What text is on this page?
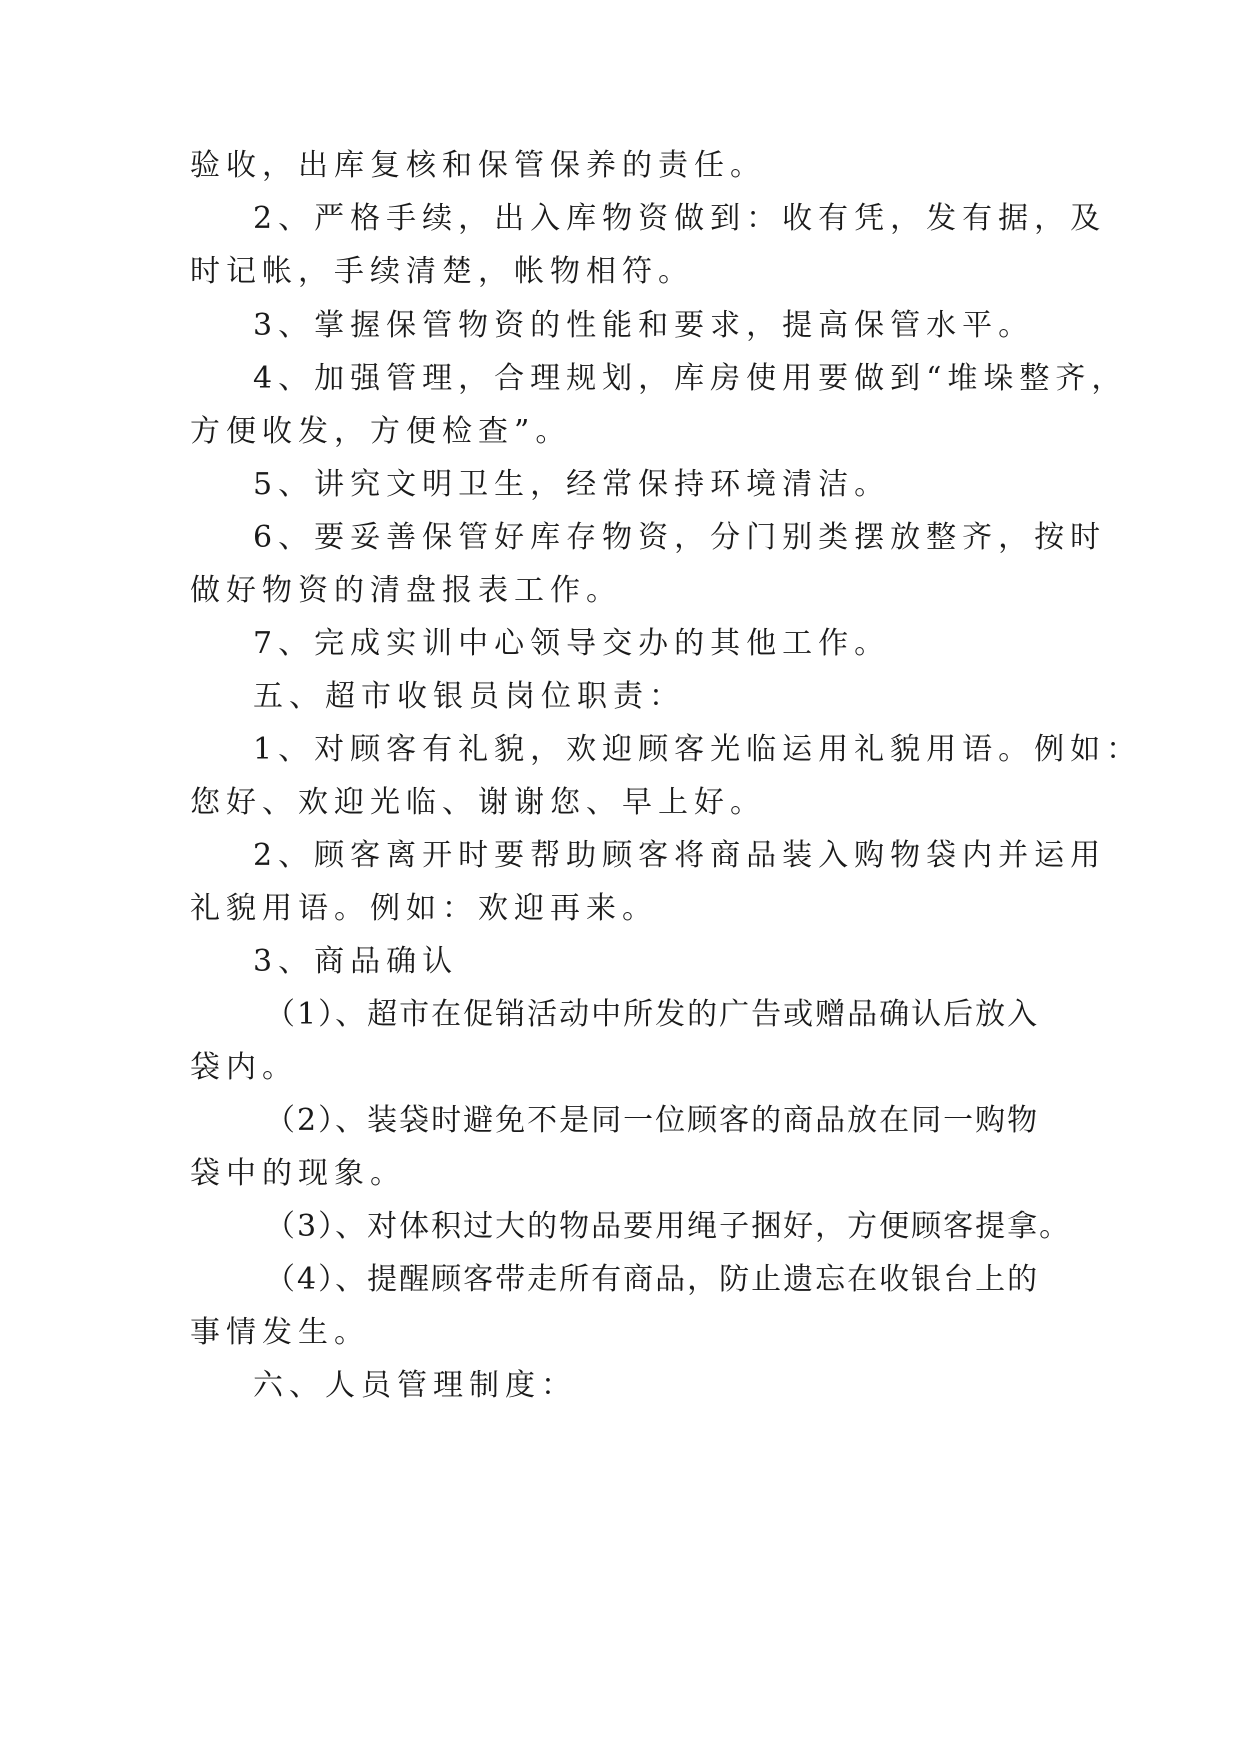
验收，出库复核和保管保养的责任。
2、严格手续，出入库物资做到：收有凭，发有据，及
时记帐，手续清楚，帐物相符。
3、掌握保管物资的性能和要求，提高保管水平。
4、加强管理，合理规划，库房使用要做到“堆垛整齐，
方便收发，方便检查”。
5、讲究文明卫生，经常保持环境清洁。
6、要妥善保管好库存物资，分门别类摆放整齐，按时
做好物资的清盘报表工作。
7、完成实训中心领导交办的其他工作。
五、超市收银员岗位职责：
1、对顾客有礼貌，欢迎顾客光临运用礼貌用语。例如：
您好、欢迎光临、谢谢您、早上好。
2、顾客离开时要帮助顾客将商品装入购物袋内并运用
礼貌用语。例如：欢迎再来。
3、商品确认
（1）、超市在促销活动中所发的广告或赠品确认后放入
袋内。
（2）、装袋时避免不是同一位顾客的商品放在同一购物
袋中的现象。
（3）、对体积过大的物品要用绳子捆好，方便顾客提拿。
（4）、提醒顾客带走所有商品，防止遗忘在收银台上的
事情发生。
六、人员管理制度：
